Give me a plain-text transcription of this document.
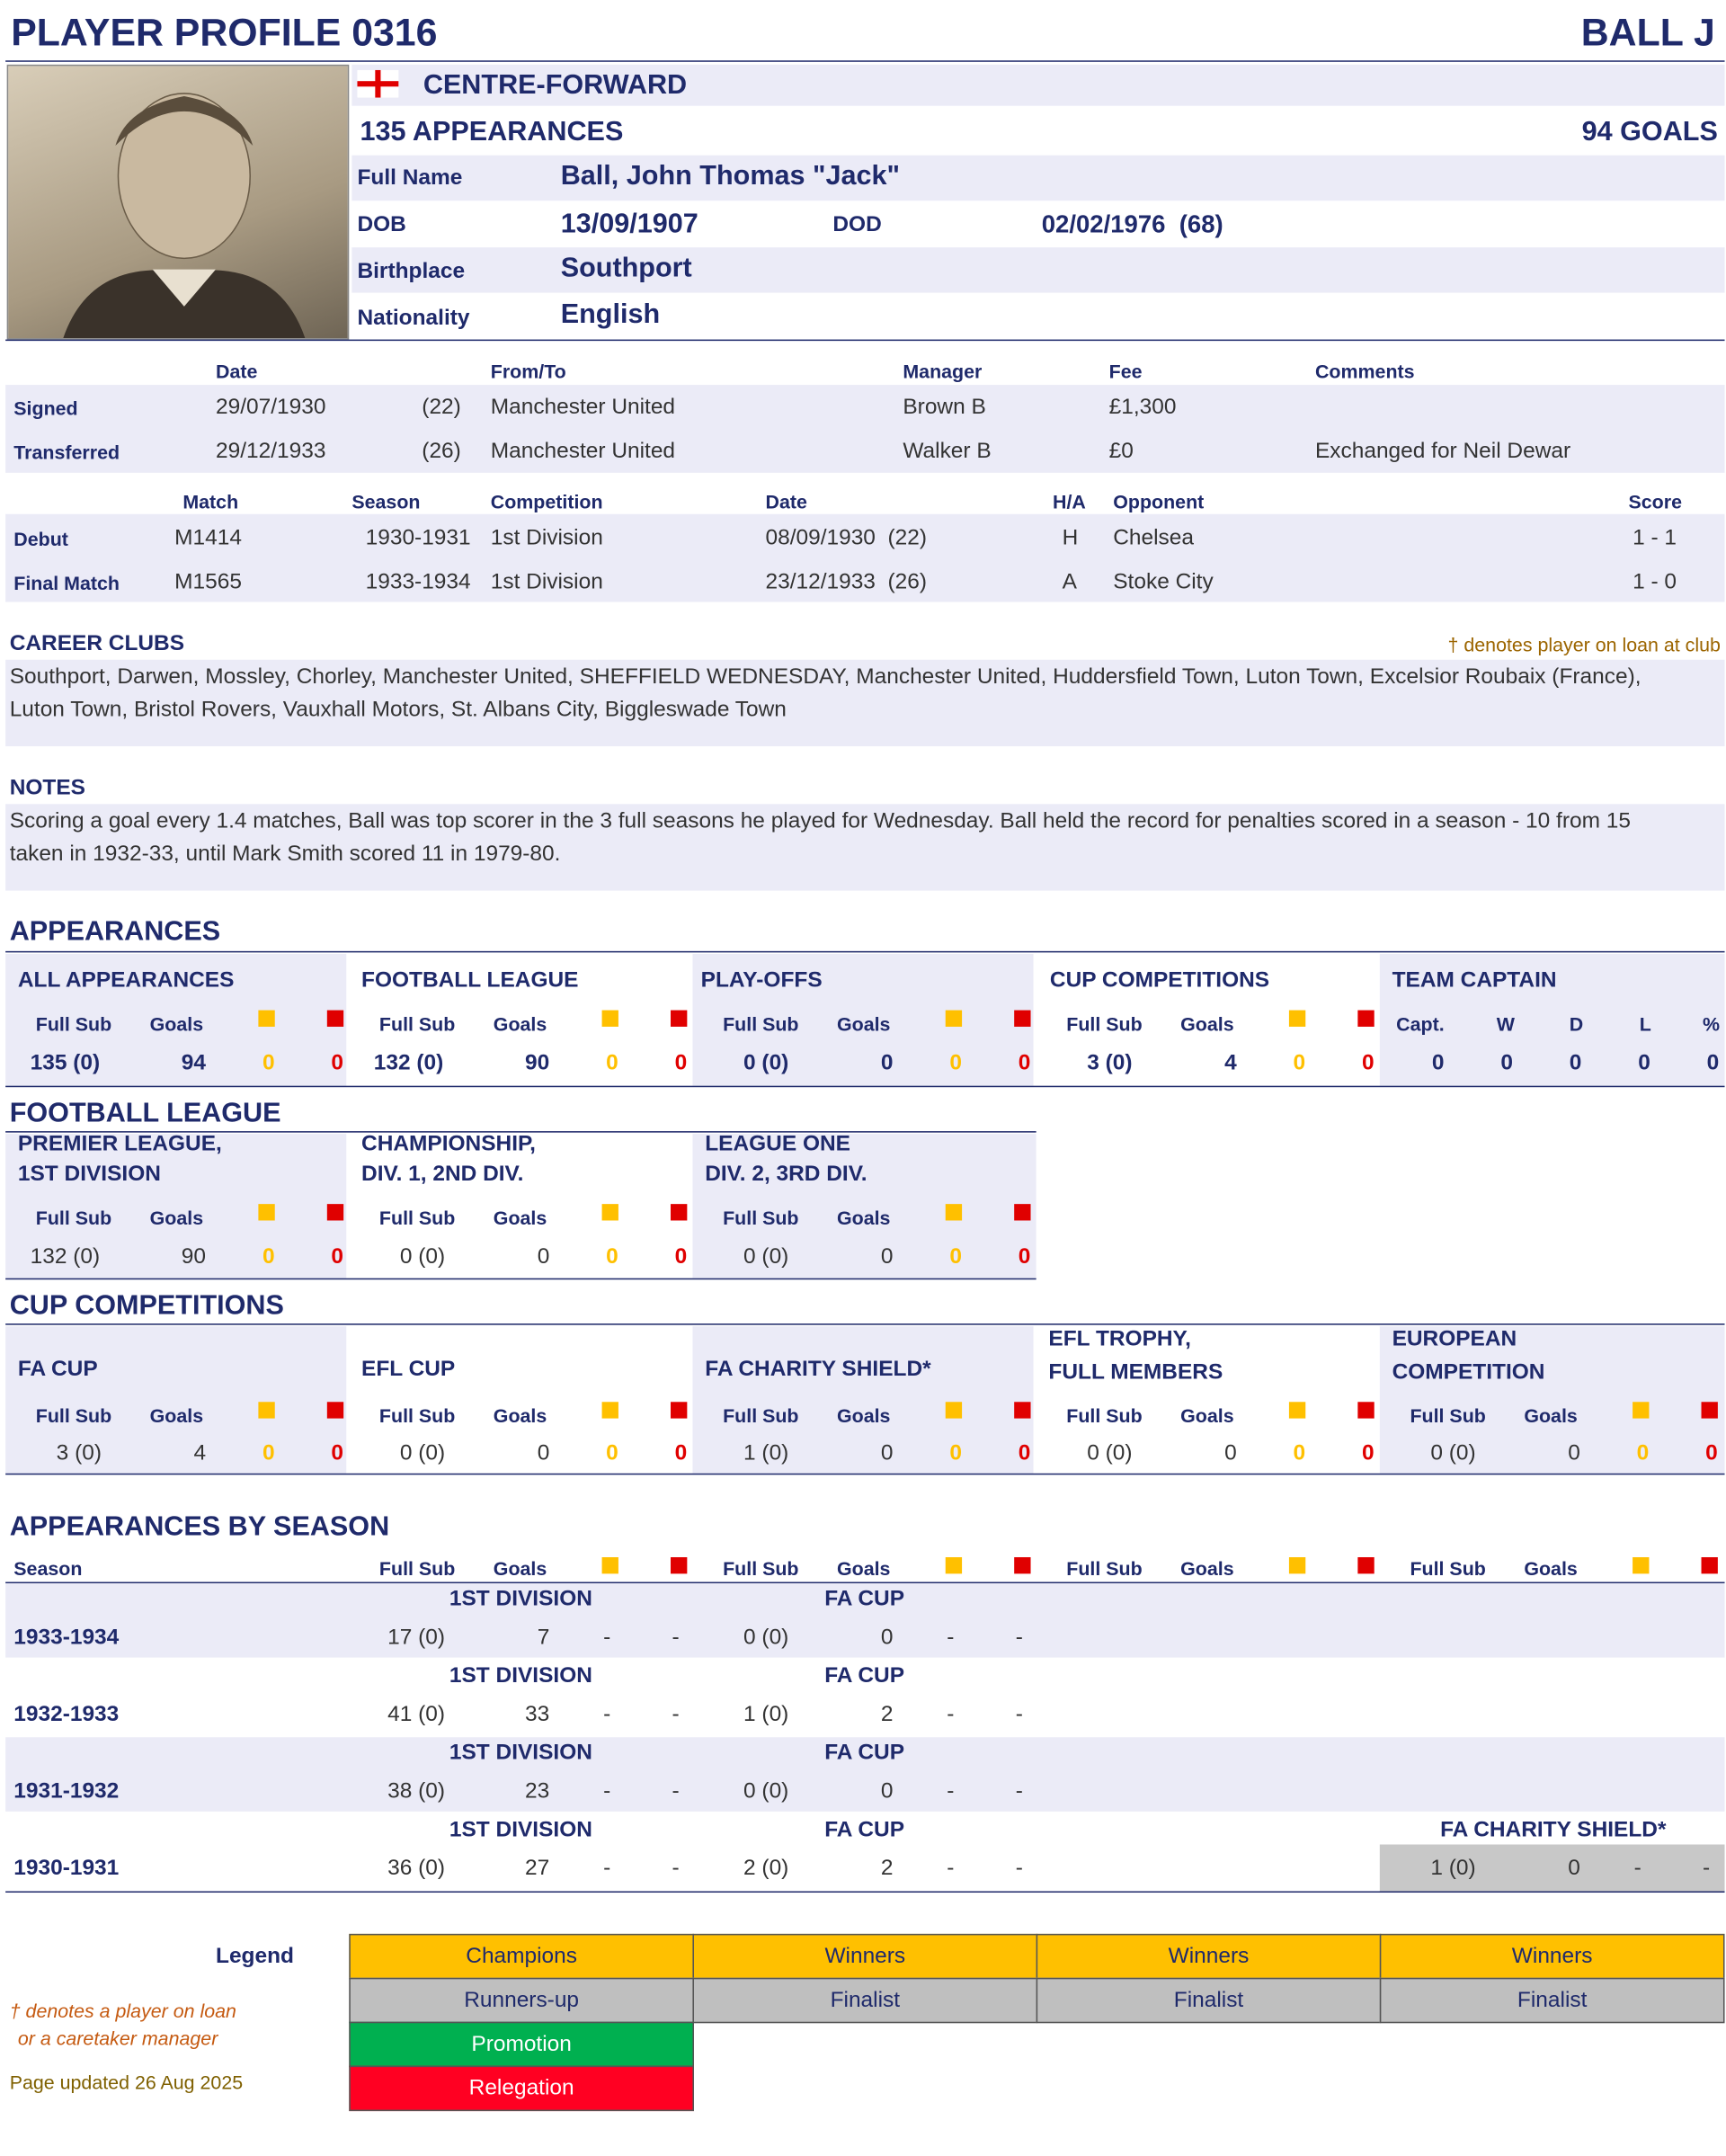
PLAYER PROFILE 0316	BALL J
CENTRE-FORWARD
135 APPEARANCES	94 GOALS
Full Name	Ball, John Thomas "Jack"
DOB	13/09/1907	DOD	02/02/1976  (68)
Birthplace	Southport
Nationality	English
Date	From/To	Manager	Fee	Comments
Signed	29/07/1930	(22) Manchester United	Brown B	£1,300
Transferred	29/12/1933	(26) Manchester United	Walker B	£0	Exchanged for Neil Dewar
Match	Season	Competition	Date	H/A Opponent	Score
Debut	M1414	1930-1931 1st Division	08/09/1930  (22)	H Chelsea	1 - 1
Final Match	M1565	1933-1934 1st Division	23/12/1933  (26)	A	Stoke City	1 - 0
CAREER CLUBS	† denotes player on loan at club
Southport, Darwen, Mossley, Chorley, Manchester United, SHEFFIELD WEDNESDAY, Manchester United, Huddersfield Town, Luton Town, Excelsior Roubaix (France),
Luton Town, Bristol Rovers, Vauxhall Motors, St. Albans City, Biggleswade Town
NOTES
Scoring a goal every 1.4 matches, Ball was top scorer in the 3 full seasons he played for Wednesday. Ball held the record for penalties scored in a season - 10 from 15
taken in 1932-33, until Mark Smith scored 11 in 1979-80.
APPEARANCES
ALL APPEARANCES
Full Sub	Goals
135 (0)	94	0	0
FOOTBALL LEAGUE
Full Sub	Goals
132 (0)	90	0	0
PLAY-OFFS
Full Sub	Goals
0 (0)	0	0	0
CUP COMPETITIONS
Full Sub	Goals
3 (0)	4	0	0
TEAM CAPTAIN
Capt.	W	D	L	%
0	0	0	0	0
FOOTBALL LEAGUE
PREMIER LEAGUE,
1ST DIVISION
Full Sub	Goals
132 (0)	90	0	0
CHAMPIONSHIP,
DIV. 1, 2ND DIV.
Full Sub	Goals
0 (0)	0	0	0
LEAGUE ONE
DIV. 2, 3RD DIV.
Full Sub	Goals
0 (0)	0	0	0
CUP COMPETITIONS
FA CUP
Full Sub	Goals
3 (0)	4	0	0
EFL CUP
Full Sub	Goals
0 (0)	0	0	0
FA CHARITY SHIELD*
Full Sub	Goals
1 (0)	0	0	0
EFL TROPHY,
FULL MEMBERS
Full Sub	Goals
0 (0)	0	0	0
EUROPEAN
COMPETITION
Full Sub	Goals
0 (0)	0	0	0
APPEARANCES BY SEASON
Season	Full Sub	Goals	Full Sub	Goals	Full Sub	Goals	Full Sub	Goals
1ST DIVISION	FA CUP
1933-1934	17 (0)	7	-	-	0 (0)	0	-	-
1ST DIVISION	FA CUP
1932-1933	41 (0)	33	-	-	1 (0)	2	-	-
1ST DIVISION	FA CUP
1931-1932	38 (0)	23	-	-	0 (0)	0	-	-
1ST DIVISION	FA CUP	FA CHARITY SHIELD*
1930-1931	36 (0)	27	-	-	2 (0)	2	-	-	1 (0)	0	-	-
Legend	Champions	Winners	Winners	Winners
Runners-up	Finalist	Finalist	Finalist
Promotion
Relegation
† denotes a player on loan
or a caretaker manager
Page updated 26 Aug 2025
